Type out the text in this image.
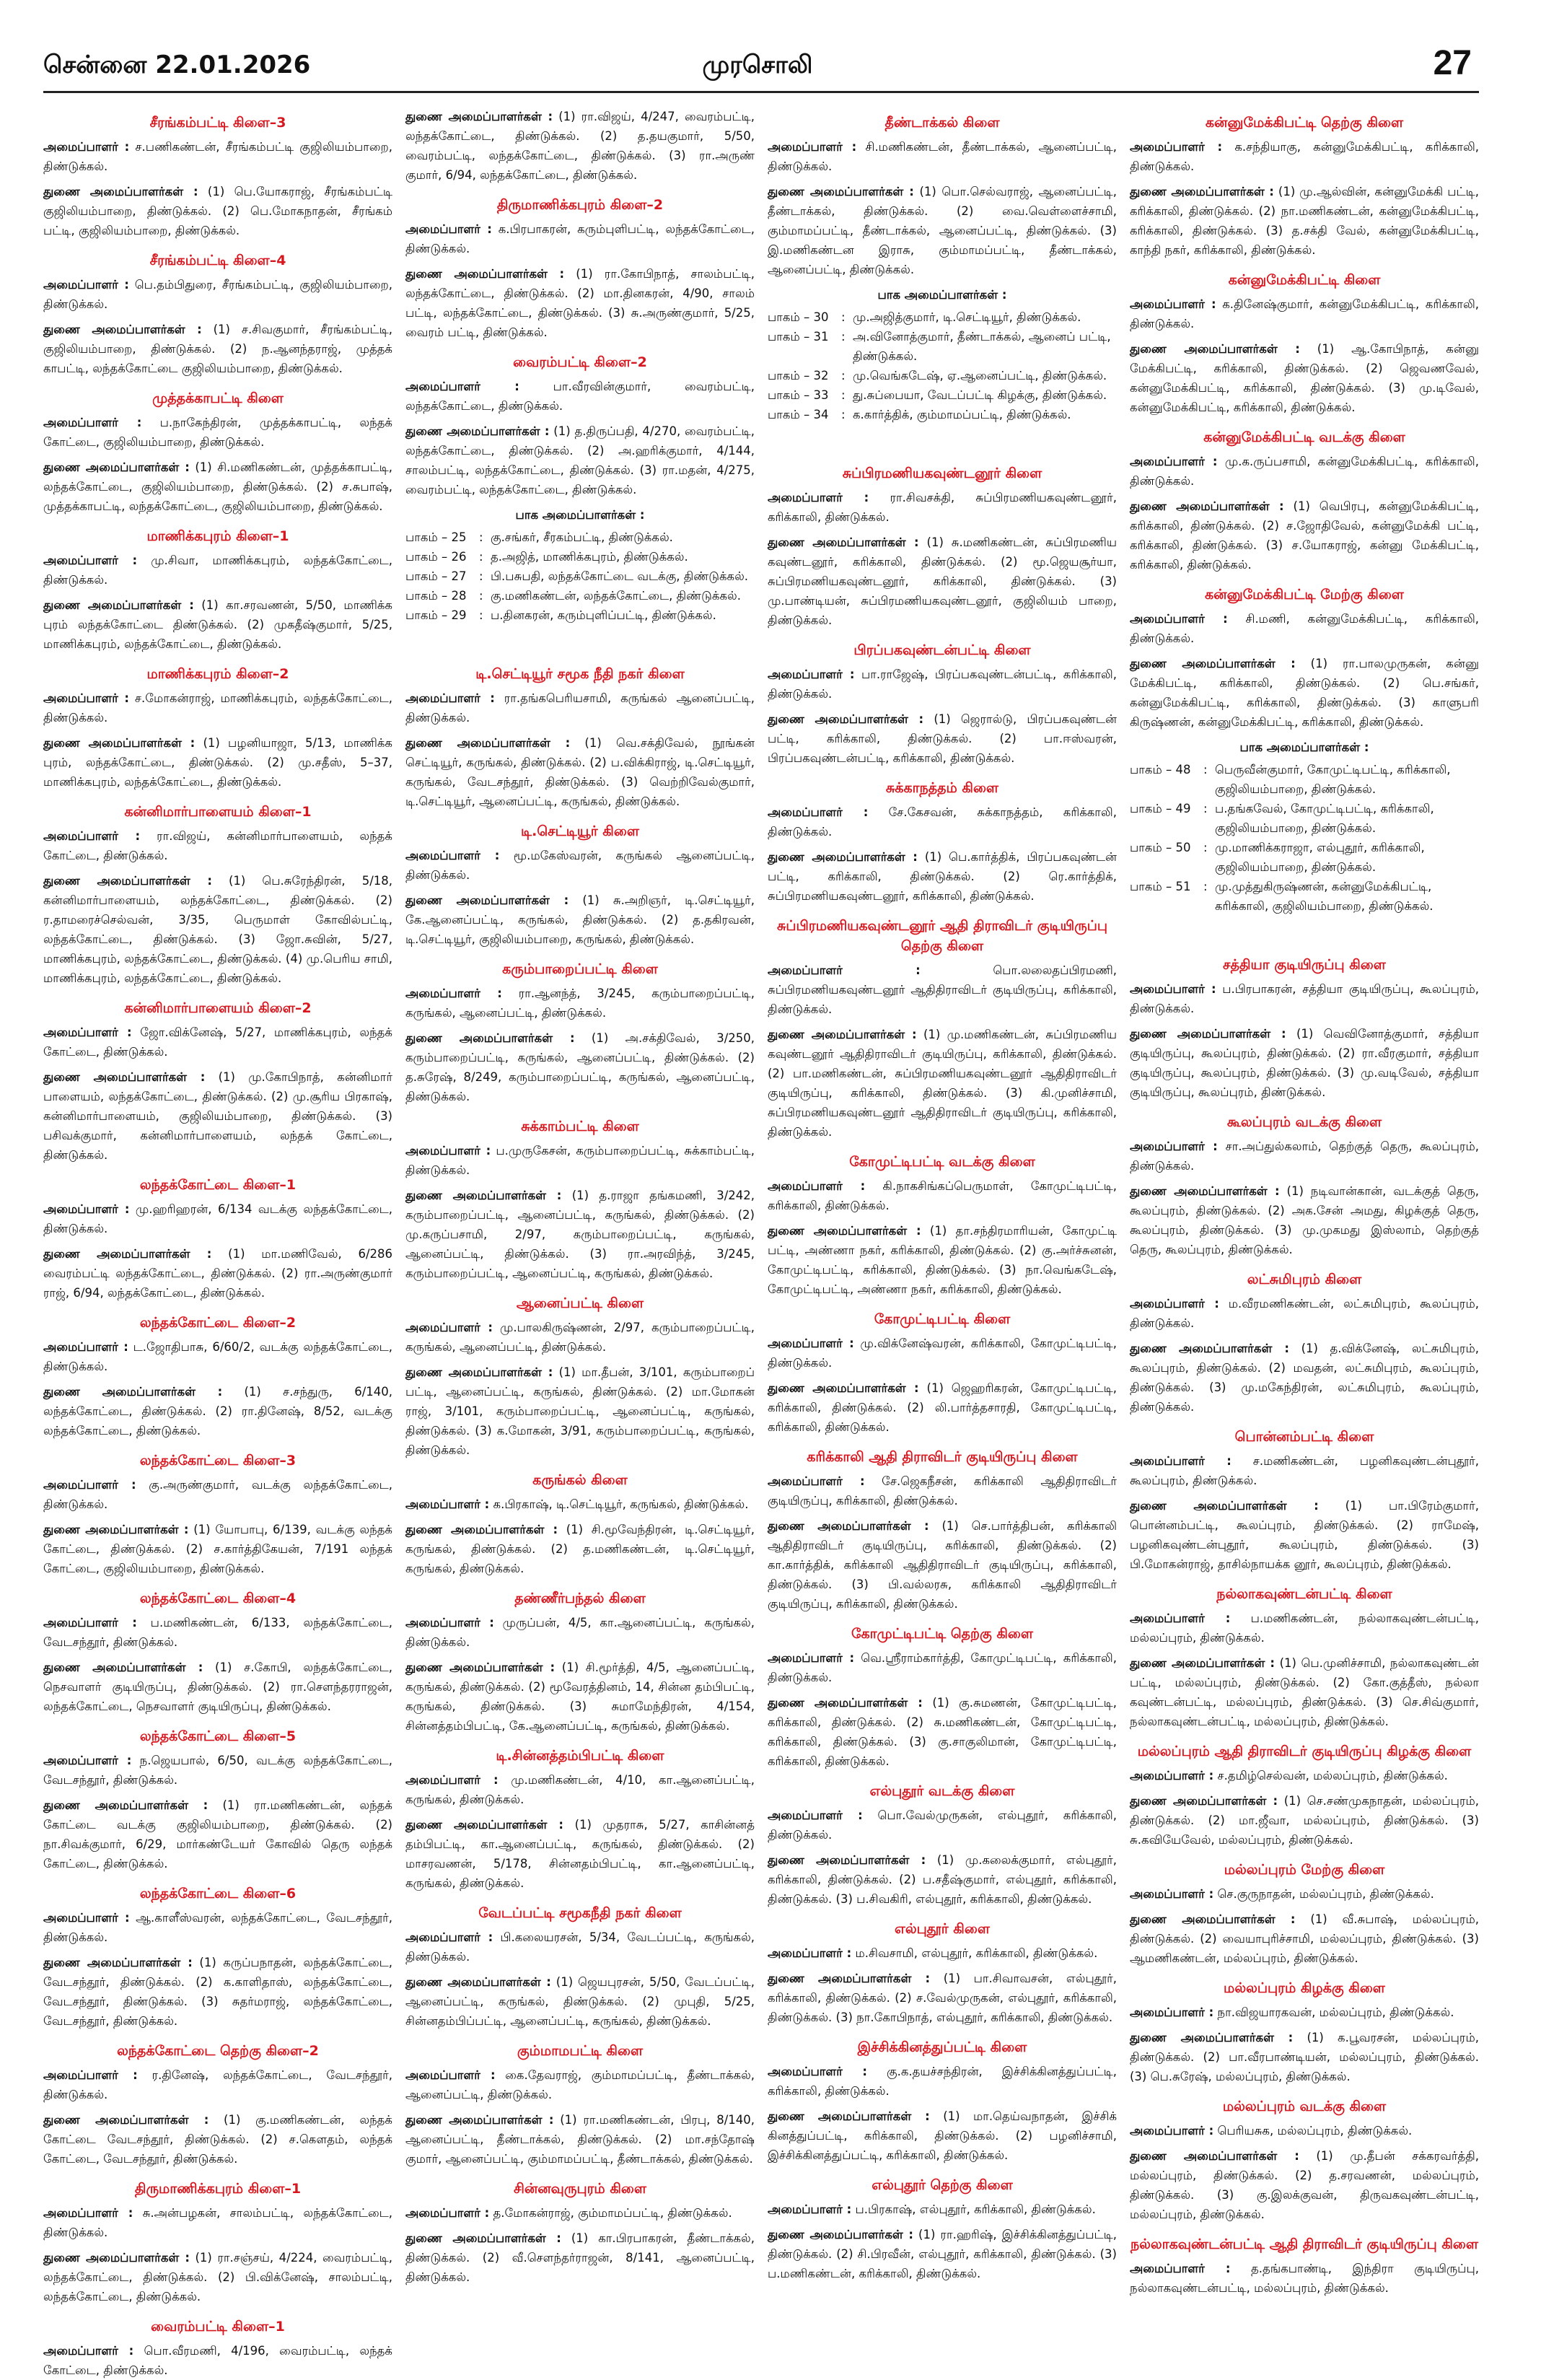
சென்னை 22.01.2026	முரசொலி	27
சீரங்கம்பட்டி கிளை–3
அமைப்பாளர் : ச.பணிகண்டன், சீரங்கம்பட்டி குஜிலியம்பாறை, திண்டுக்கல்.
துணை அமைப்பாளர்கள் : (1) பெ.யோகராஜ், சீரங்கம்பட்டி குஜிலியம்பாறை, திண்டுக்கல். (2) பெ.மோகநாதன், சீரங்கம் பட்டி, குஜிலியம்பாறை, திண்டுக்கல்.
சீரங்கம்பட்டி கிளை–4
அமைப்பாளர் : பெ.தம்பிதுரை, சீரங்கம்பட்டி, குஜிலியம்பாறை, திண்டுக்கல்.
துணை அமைப்பாளர்கள் : (1) ச.சிவகுமார், சீரங்கம்பட்டி, குஜிலியம்பாறை, திண்டுக்கல். (2) ந.ஆனந்தராஜ், முத்தக் காபட்டி, லந்தக்கோட்டை குஜிலியம்பாறை, திண்டுக்கல்.
முத்தக்காபட்டி கிளை
அமைப்பாளர் : ப.நாகேந்திரன், முத்தக்காபட்டி, லந்தக் கோட்டை, குஜிலியம்பாறை, திண்டுக்கல்.
துணை அமைப்பாளர்கள் : (1) சி.மணிகண்டன், முத்தக்காபட்டி, லந்தக்கோட்டை, குஜிலியம்பாறை, திண்டுக்கல். (2) ச.சுபாஷ், முத்தக்காபட்டி, லந்தக்கோட்டை, குஜிலியம்பாறை, திண்டுக்கல்.
மாணிக்கபுரம் கிளை–1
அமைப்பாளர் : மு.சிவா, மாணிக்கபுரம், லந்தக்கோட்டை, திண்டுக்கல்.
துணை அமைப்பாளர்கள் : (1) கா.சரவணன், 5/50, மாணிக்க புரம் லந்தக்கோட்டை திண்டுக்கல். (2) முகதீஷ்குமார், 5/25, மாணிக்கபுரம், லந்தக்கோட்டை, திண்டுக்கல்.
மாணிக்கபுரம் கிளை–2
அமைப்பாளர் : ச.மோகன்ராஜ், மாணிக்கபுரம், லந்தக்கோட்டை, திண்டுக்கல்.
துணை அமைப்பாளர்கள் : (1) பழனியாஜா, 5/13, மாணிக்க புரம், லந்தக்கோட்டை, திண்டுக்கல். (2) மு.சதீஸ், 5–37, மாணிக்கபுரம், லந்தக்கோட்டை, திண்டுக்கல்.
கன்னிமார்பாளையம் கிளை–1
அமைப்பாளர் : ரா.விஜய், கன்னிமார்பாளையம், லந்தக் கோட்டை, திண்டுக்கல்.
துணை அமைப்பாளர்கள் : (1) பெ.சுரேந்திரன், 5/18, கன்னிமார்பாளையம், லந்தக்கோட்டை, திண்டுக்கல். (2) ர.தாமரைச்செல்வன், 3/35, பெருமாள் கோவில்பட்டி, லந்தக்கோட்டை, திண்டுக்கல். (3) ஜோ.சுவின், 5/27, மாணிக்கபுரம், லந்தக்கோட்டை, திண்டுக்கல். (4) மு.பெரிய சாமி, மாணிக்கபுரம், லந்தக்கோட்டை, திண்டுக்கல்.
கன்னிமார்பாளையம் கிளை–2
அமைப்பாளர் : ஜோ.விக்னேஷ், 5/27, மாணிக்கபுரம், லந்தக் கோட்டை, திண்டுக்கல்.
துணை அமைப்பாளர்கள் : (1) மு.கோபிநாத், கன்னிமார் பாளையம், லந்தக்கோட்டை, திண்டுக்கல். (2) மு.சூரிய பிரகாஷ், கன்னிமார்பாளையம், குஜிலியம்பாறை, திண்டுக்கல். (3) பசிவக்குமார், கன்னிமார்பாளையம், லந்தக் கோட்டை, திண்டுக்கல்.
லந்தக்கோட்டை கிளை–1
அமைப்பாளர் : மு.ஹரிஹரன், 6/134 வடக்கு லந்தக்கோட்டை, திண்டுக்கல்.
துணை அமைப்பாளர்கள் : (1) மா.மணிவேல், 6/286 வைரம்பட்டி லந்தக்கோட்டை, திண்டுக்கல். (2) ரா.அருண்குமார் ராஜ், 6/94, லந்தக்கோட்டை, திண்டுக்கல்.
லந்தக்கோட்டை கிளை–2
அமைப்பாளர் : ட.ஜோதிபாசு, 6/60/2, வடக்கு லந்தக்கோட்டை, திண்டுக்கல்.
துணை அமைப்பாளர்கள் : (1) ச.சந்துரு, 6/140, லந்தக்கோட்டை, திண்டுக்கல். (2) ரா.தினேஷ், 8/52, வடக்கு லந்தக்கோட்டை, திண்டுக்கல்.
லந்தக்கோட்டை கிளை–3
அமைப்பாளர் : கு.அருண்குமார், வடக்கு லந்தக்கோட்டை, திண்டுக்கல்.
துணை அமைப்பாளர்கள் : (1) யோபாபு, 6/139, வடக்கு லந்தக் கோட்டை, திண்டுக்கல். (2) ச.கார்த்திகேயன், 7/191 லந்தக் கோட்டை, குஜிலியம்பாறை, திண்டுக்கல்.
லந்தக்கோட்டை கிளை–4
அமைப்பாளர் : ப.மணிகண்டன், 6/133, லந்தக்கோட்டை, வேடசந்தூர், திண்டுக்கல்.
துணை அமைப்பாளர்கள் : (1) ச.கோபி, லந்தக்கோட்டை, நெசவாளர் குடியிருப்பு, திண்டுக்கல். (2) ரா.செளந்தரராஜன், லந்தக்கோட்டை, நெசவாளர் குடியிருப்பு, திண்டுக்கல்.
லந்தக்கோட்டை கிளை–5
அமைப்பாளர் : ந.ஜெயபால், 6/50, வடக்கு லந்தக்கோட்டை, வேடசந்தூர், திண்டுக்கல்.
துணை அமைப்பாளர்கள் : (1) ரா.மணிகண்டன், லந்தக் கோட்டை வடக்கு குஜிலியம்பாறை, திண்டுக்கல். (2) நா.சிவக்குமார், 6/29, மார்கண்டேயர் கோவில் தெரு லந்தக் கோட்டை, திண்டுக்கல்.
லந்தக்கோட்டை கிளை–6
அமைப்பாளர் : ஆ.காளீஸ்வரன், லந்தக்கோட்டை, வேடசந்தூர், திண்டுக்கல்.
துணை அமைப்பாளர்கள் : (1) கருப்பநாதன், லந்தக்கோட்டை, வேடசந்தூர், திண்டுக்கல். (2) க.காளிதாஸ், லந்தக்கோட்டை, வேடசந்தூர், திண்டுக்கல். (3) சுதர்மராஜ், லந்தக்கோட்டை, வேடசந்தூர், திண்டுக்கல்.
லந்தக்கோட்டை தெற்கு கிளை–2
அமைப்பாளர் : ர.தினேஷ், லந்தக்கோட்டை, வேடசந்தூர், திண்டுக்கல்.
துணை அமைப்பாளர்கள் : (1) கு.மணிகண்டன், லந்தக் கோட்டை வேடசந்தூர், திண்டுக்கல். (2) ச.கௌதம், லந்தக் கோட்டை, வேடசந்தூர், திண்டுக்கல்.
திருமாணிக்கபுரம் கிளை–1
அமைப்பாளர் : சு.அன்பழகன், சாலம்பட்டி, லந்தக்கோட்டை, திண்டுக்கல்.
துணை அமைப்பாளர்கள் : (1) ரா.சஞ்சய், 4/224, வைரம்பட்டி, லந்தக்கோட்டை, திண்டுக்கல். (2) பி.விக்னேஷ், சாலம்பட்டி, லந்தக்கோட்டை, திண்டுக்கல்.
வைரம்பட்டி கிளை–1
அமைப்பாளர் : பொ.வீரமணி, 4/196, வைரம்பட்டி, லந்தக் கோட்டை, திண்டுக்கல்.
துணை அமைப்பாளர்கள் : (1) ரா.விஜய், 4/247, வைரம்பட்டி, லந்தக்கோட்டை, திண்டுக்கல். (2) த.தயகுமார், 5/50, வைரம்பட்டி, லந்தக்கோட்டை, திண்டுக்கல். (3) ரா.அருண் குமார், 6/94, லந்தக்கோட்டை, திண்டுக்கல்.
திருமாணிக்கபுரம் கிளை–2
அமைப்பாளர் : க.பிரபாகரன், கரும்புளிபட்டி, லந்தக்கோட்டை, திண்டுக்கல்.
துணை அமைப்பாளர்கள் : (1) ரா.கோபிநாத், சாலம்பட்டி, லந்தக்கோட்டை, திண்டுக்கல். (2) மா.தினகரன், 4/90, சாலம் பட்டி, லந்தக்கோட்டை, திண்டுக்கல். (3) சு.அருண்குமார், 5/25, வைரம் பட்டி, திண்டுக்கல்.
வைரம்பட்டி கிளை–2
அமைப்பாளர் :	பா.வீரவின்குமார், வைரம்பட்டி, லந்தக்கோட்டை, திண்டுக்கல்.
துணை அமைப்பாளர்கள் : (1) த.திருப்பதி, 4/270, வைரம்பட்டி, லந்தக்கோட்டை, திண்டுக்கல். (2) அ.ஹரிக்குமார், 4/144, சாலம்பட்டி, லந்தக்கோட்டை, திண்டுக்கல். (3) ரா.மதன், 4/275, வைரம்பட்டி, லந்தக்கோட்டை, திண்டுக்கல்.
பாக அமைப்பாளர்கள் :
பாகம் – 25	: கு.சங்கர், சீரகம்பட்டி, திண்டுக்கல்.
பாகம் – 26	: த.அஜித், மாணிக்கபுரம், திண்டுக்கல்.
பாகம் – 27	: பி.பசுபதி, லந்தக்கோட்டை வடக்கு, திண்டுக்கல்.
பாகம் – 28	: கு.மணிகண்டன், லந்தக்கோட்டை, திண்டுக்கல்.
பாகம் – 29	: ப.தினகரன், கரும்புளிப்பட்டி, திண்டுக்கல்.
டி.செட்டியூர் சமூக நீதி நகர் கிளை
அமைப்பாளர் : ரா.தங்கபெரியசாமி, கருங்கல் ஆனைப்பட்டி, திண்டுக்கல்.
துணை அமைப்பாளர்கள் : (1) வெ.சக்திவேல், நூங்கன் செட்டியூர், கருங்கல், திண்டுக்கல். (2) ப.விக்கிராஜ், டி.செட்டியூர், கருங்கல், வேடசந்தூர், திண்டுக்கல். (3) வெற்றிவேல்குமார், டி.செட்டியூர், ஆனைப்பட்டி, கருங்கல், திண்டுக்கல்.
டி.செட்டியூர் கிளை
அமைப்பாளர் : மூ.மகேஸ்வரன், கருங்கல் ஆனைப்பட்டி, திண்டுக்கல்.
துணை அமைப்பாளர்கள் : (1) சு.அறிஞர், டி.செட்டியூர், கே.ஆனைப்பட்டி, கருங்கல், திண்டுக்கல். (2) த.தகிரவன், டி.செட்டியூர், குஜிலியம்பாறை, கருங்கல், திண்டுக்கல்.
கரும்பாறைப்பட்டி கிளை
அமைப்பாளர் : ரா.ஆனந்த், 3/245, கரும்பாறைப்பட்டி, கருங்கல், ஆனைப்பட்டி, திண்டுக்கல்.
துணை அமைப்பாளர்கள் : (1) அ.சக்திவேல், 3/250, கரும்பாறைப்பட்டி, கருங்கல், ஆனைப்பட்டி, திண்டுக்கல். (2) த.சுரேஷ், 8/249, கரும்பாறைப்பட்டி, கருங்கல், ஆனைப்பட்டி, திண்டுக்கல்.
சுக்காம்பட்டி கிளை
அமைப்பாளர் : ப.முருகேசன், கரும்பாறைப்பட்டி, சுக்காம்பட்டி, திண்டுக்கல்.
துணை அமைப்பாளர்கள் : (1) த.ராஜா தங்கமணி, 3/242, கரும்பாறைப்பட்டி, ஆனைப்பட்டி, கருங்கல், திண்டுக்கல். (2) மு.கருப்பசாமி, 2/97, கரும்பாறைப்பட்டி, கருங்கல், ஆனைப்பட்டி, திண்டுக்கல். (3) ரா.அரவிந்த், 3/245, கரும்பாறைப்பட்டி, ஆனைப்பட்டி, கருங்கல், திண்டுக்கல்.
ஆனைப்பட்டி கிளை
அமைப்பாளர் : மு.பாலகிருஷ்ணன், 2/97, கரும்பாறைப்பட்டி, கருங்கல், ஆனைப்பட்டி, திண்டுக்கல்.
துணை அமைப்பாளர்கள் : (1) மா.தீபன், 3/101, கரும்பாறைப் பட்டி, ஆனைப்பட்டி, கருங்கல், திண்டுக்கல். (2) மா.மோகன் ராஜ், 3/101, கரும்பாறைப்பட்டி, ஆனைப்பட்டி, கருங்கல், திண்டுக்கல். (3) க.மோகன், 3/91, கரும்பாறைப்பட்டி, கருங்கல், திண்டுக்கல்.
கருங்கல் கிளை
அமைப்பாளர் : க.பிரகாஷ், டி.செட்டியூர், கருங்கல், திண்டுக்கல்.
துணை அமைப்பாளர்கள் : (1) சி.மூவேந்திரன், டி.செட்டியூர், கருங்கல், திண்டுக்கல். (2) த.மணிகண்டன், டி.செட்டியூர், கருங்கல், திண்டுக்கல்.
தண்ணீர்பந்தல் கிளை
அமைப்பாளர் : முருப்பன், 4/5, கா.ஆனைப்பட்டி, கருங்கல், திண்டுக்கல்.
துணை அமைப்பாளர்கள் : (1) சி.மூர்த்தி, 4/5, ஆனைப்பட்டி, கருங்கல், திண்டுக்கல். (2) மூவேரத்தினம், 14, சின்ன தம்பிபட்டி, கருங்கல், திண்டுக்கல். (3) சுமாமேந்திரன், 4/154, சின்னத்தம்பிபட்டி, கே.ஆனைப்பட்டி, கருங்கல், திண்டுக்கல்.
டி.சின்னத்தம்பிபட்டி கிளை
அமைப்பாளர் : மு.மணிகண்டன், 4/10, கா.ஆனைப்பட்டி, கருங்கல், திண்டுக்கல்.
துணை அமைப்பாளர்கள் : (1) முதராசு, 5/27, காசின்னத் தம்பிபட்டி, கா.ஆனைப்பட்டி, கருங்கல், திண்டுக்கல். (2) மாசரவணன், 5/178, சின்னதம்பிபட்டி, கா.ஆனைப்பட்டி, கருங்கல், திண்டுக்கல்.
வேடப்பட்டி சமூகநீதி நகர் கிளை
அமைப்பாளர் : பி.கலையரசன், 5/34, வேடப்பட்டி, கருங்கல், திண்டுக்கல்.
துணை அமைப்பாளர்கள் : (1) ஜெயபுரசன், 5/50, வேடப்பட்டி, ஆனைப்பட்டி, கருங்கல், திண்டுக்கல். (2) முபுதி, 5/25, சின்னதம்பிப்பட்டி, ஆனைப்பட்டி, கருங்கல், திண்டுக்கல்.
கும்மாமபட்டி கிளை
அமைப்பாளர் : கை.தேவராஜ், கும்மாமப்பட்டி, தீண்டாக்கல், ஆனைப்பட்டி, திண்டுக்கல்.
துணை அமைப்பாளர்கள் : (1) ரா.மணிகண்டன், பிரபு, 8/140, ஆனைப்பட்டி, தீண்டாக்கல், திண்டுக்கல். (2) மா.சந்தோஷ் குமார், ஆனைப்பட்டி, கும்மாமப்பட்டி, தீண்டாக்கல், திண்டுக்கல்.
சின்னவுருபுரம் கிளை
அமைப்பாளர் : த.மோகன்ராஜ், கும்மாமப்பட்டி, திண்டுக்கல்.
துணை அமைப்பாளர்கள் : (1) கா.பிரபாகரன், தீண்டாக்கல், திண்டுக்கல். (2) வீ.செளந்தர்ராஜன், 8/141, ஆனைப்பட்டி, திண்டுக்கல்.
தீண்டாக்கல் கிளை
அமைப்பாளர் : சி.மணிகண்டன், தீண்டாக்கல், ஆனைப்பட்டி, திண்டுக்கல்.
துணை அமைப்பாளர்கள் : (1) பொ.செல்வராஜ், ஆனைப்பட்டி, தீண்டாக்கல், திண்டுக்கல். (2) வை.வெள்ளைச்சாமி, கும்மாமப்பட்டி, தீண்டாக்கல், ஆனைப்பட்டி, திண்டுக்கல். (3) இ.மணிகண்டன இராசு, கும்மாமப்பட்டி, தீண்டாக்கல், ஆனைப்பட்டி, திண்டுக்கல்.
பாக அமைப்பாளர்கள் :
பாகம் – 30	: மு.அஜித்குமார், டி.செட்டியூர், திண்டுக்கல்.
பாகம் – 31	: அ.வினோத்குமார், தீண்டாக்கல், ஆனைப் பட்டி, திண்டுக்கல்.
பாகம் – 32	: மு.வெங்கடேஷ், ஏ.ஆனைப்பட்டி, திண்டுக்கல்.
பாகம் – 33	: து.சுப்பையா, வேடப்பட்டி கிழக்கு, திண்டுக்கல்.
பாகம் – 34	: க.கார்த்திக், கும்மாமப்பட்டி, திண்டுக்கல்.
சுப்பிரமணியகவுண்டனூர் கிளை
அமைப்பாளர் : ரா.சிவசக்தி, சுப்பிரமணியகவுண்டனூர், கரிக்காலி, திண்டுக்கல்.
துணை அமைப்பாளர்கள் : (1) சு.மணிகண்டன், சுப்பிரமணிய கவுண்டனூர், கரிக்காலி, திண்டுக்கல். (2) மூ.ஜெயசூர்யா, சுப்பிரமணியகவுண்டனூர், கரிக்காலி, திண்டுக்கல். (3) மு.பாண்டியன், சுப்பிரமணியகவுண்டனூர், குஜிலியம் பாறை, திண்டுக்கல்.
பிரப்பகவுண்டன்பட்டி கிளை
அமைப்பாளர் : பா.ராஜேஷ், பிரப்பகவுண்டன்பட்டி, கரிக்காலி, திண்டுக்கல்.
துணை அமைப்பாளர்கள் : (1) ஜெரால்டு, பிரப்பகவுண்டன் பட்டி, கரிக்காலி, திண்டுக்கல். (2) பா.ஈஸ்வரன், பிரப்பகவுண்டன்பட்டி, கரிக்காலி, திண்டுக்கல்.
சுக்காநத்தம் கிளை
அமைப்பாளர் : சே.கேசவன், சுக்காநத்தம், கரிக்காலி, திண்டுக்கல்.
துணை அமைப்பாளர்கள் : (1) பெ.கார்த்திக், பிரப்பகவுண்டன் பட்டி, கரிக்காலி, திண்டுக்கல். (2) ரெ.கார்த்திக், சுப்பிரமணியகவுண்டனூர், கரிக்காலி, திண்டுக்கல்.
சுப்பிரமணியகவுண்டனூர் ஆதி திராவிடர் குடியிருப்பு தெற்கு கிளை
அமைப்பாளர் :	பொ.லலைதப்பிரமணி, சுப்பிரமணியகவுண்டனூர் ஆதிதிராவிடர் குடியிருப்பு, கரிக்காலி, திண்டுக்கல்.
துணை அமைப்பாளர்கள் : (1) மு.மணிகண்டன், சுப்பிரமணிய கவுண்டனூர் ஆதிதிராவிடர் குடியிருப்பு, கரிக்காலி, திண்டுக்கல். (2) பா.மணிகண்டன், சுப்பிரமணியகவுண்டனூர் ஆதிதிராவிடர் குடியிருப்பு, கரிக்காலி, திண்டுக்கல். (3) கி.முனிச்சாமி, சுப்பிரமணியகவுண்டனூர் ஆதிதிராவிடர் குடியிருப்பு, கரிக்காலி, திண்டுக்கல்.
கோமுட்டிபட்டி வடக்கு கிளை
அமைப்பாளர் : கி.நாகசிங்கப்பெருமாள், கோமுட்டிபட்டி, கரிக்காலி, திண்டுக்கல்.
துணை அமைப்பாளர்கள் : (1) தா.சந்திரமாரியன், கோமுட்டி பட்டி, அண்ணா நகர், கரிக்காலி, திண்டுக்கல். (2) கு.அர்ச்சுனன், கோமுட்டிபட்டி, கரிக்காலி, திண்டுக்கல். (3) நா.வெங்கடேஷ், கோமுட்டிபட்டி, அண்ணா நகர், கரிக்காலி, திண்டுக்கல்.
கோமுட்டிபட்டி கிளை
அமைப்பாளர் : மு.விக்னேஷ்வரன், கரிக்காலி, கோமுட்டிபட்டி, திண்டுக்கல்.
துணை அமைப்பாளர்கள் : (1) ஜெஹரிகரன், கோமுட்டிபட்டி, கரிக்காலி, திண்டுக்கல். (2) லி.பார்த்தசாரதி, கோமுட்டிபட்டி, கரிக்காலி, திண்டுக்கல்.
கரிக்காலி ஆதி திராவிடர் குடியிருப்பு கிளை
அமைப்பாளர் : சே.ஜெகநீசன், கரிக்காலி ஆதிதிராவிடர் குடியிருப்பு, கரிக்காலி, திண்டுக்கல்.
துணை அமைப்பாளர்கள் : (1) செ.பார்த்திபன், கரிக்காலி ஆதிதிராவிடர் குடியிருப்பு, கரிக்காலி, திண்டுக்கல். (2) கா.கார்த்திக், கரிக்காலி ஆதிதிராவிடர் குடியிருப்பு, கரிக்காலி, திண்டுக்கல். (3) பி.வல்லரசு, கரிக்காலி ஆதிதிராவிடர் குடியிருப்பு, கரிக்காலி, திண்டுக்கல்.
கோமுட்டிபட்டி தெற்கு கிளை
அமைப்பாளர் : வெ.ஸ்ரீராம்கார்த்தி, கோமுட்டிபட்டி, கரிக்காலி, திண்டுக்கல்.
துணை அமைப்பாளர்கள் : (1) கு.சுமணன், கோமுட்டிபட்டி, கரிக்காலி, திண்டுக்கல். (2) சு.மணிகண்டன், கோமுட்டிபட்டி, கரிக்காலி, திண்டுக்கல். (3) கு.சாகுலிமான், கோமுட்டிபட்டி, கரிக்காலி, திண்டுக்கல்.
எல்புதூர் வடக்கு கிளை
அமைப்பாளர் : பொ.வேல்முருகன், எல்புதூர், கரிக்காலி, திண்டுக்கல்.
துணை அமைப்பாளர்கள் : (1) மு.கலைக்குமார், எல்புதூர், கரிக்காலி, திண்டுக்கல். (2) ப.சதீஷ்குமார், எல்புதூர், கரிக்காலி, திண்டுக்கல். (3) ப.சிவகிரி, எல்புதூர், கரிக்காலி, திண்டுக்கல்.
எல்புதூர் கிளை
அமைப்பாளர் : ம.சிவசாமி, எல்புதூர், கரிக்காலி, திண்டுக்கல்.
துணை அமைப்பாளர்கள் : (1) பா.சிவாவசன், எல்புதூர், கரிக்காலி, திண்டுக்கல். (2) ச.வேல்முருகன், எல்புதூர், கரிக்காலி, திண்டுக்கல். (3) நா.கோபிநாத், எல்புதூர், கரிக்காலி, திண்டுக்கல்.
இச்சிக்கினத்துப்பட்டி கிளை
அமைப்பாளர் : கு.க.தயச்சந்திரன், இச்சிக்கினத்துப்பட்டி, கரிக்காலி, திண்டுக்கல்.
துணை அமைப்பாளர்கள் : (1) மா.தெய்வநாதன், இச்சிக் கினத்துப்பட்டி, கரிக்காலி, திண்டுக்கல். (2) பழனிச்சாமி, இச்சிக்கினத்துப்பட்டி, கரிக்காலி, திண்டுக்கல்.
எல்புதூர் தெற்கு கிளை
அமைப்பாளர் : ப.பிரகாஷ், எல்புதூர், கரிக்காலி, திண்டுக்கல்.
துணை அமைப்பாளர்கள் : (1) ரா.ஹரிஷ், இச்சிக்கினத்துப்பட்டி, திண்டுக்கல். (2) சி.பிரவீன், எல்புதூர், கரிக்காலி, திண்டுக்கல். (3) ப.மணிகண்டன், கரிக்காலி, திண்டுக்கல்.
கன்னுமேக்கிபட்டி தெற்கு கிளை
அமைப்பாளர் : க.சந்தியாகு, கன்னுமேக்கிபட்டி, கரிக்காலி, திண்டுக்கல்.
துணை அமைப்பாளர்கள் : (1) மு.ஆல்வின், கன்னுமேக்கி பட்டி, கரிக்காலி, திண்டுக்கல். (2) நா.மணிகண்டன், கன்னுமேக்கிபட்டி, கரிக்காலி, திண்டுக்கல். (3) த.சக்தி வேல், கன்னுமேக்கிபட்டி, காந்தி நகர், கரிக்காலி, திண்டுக்கல்.
கன்னுமேக்கிபட்டி கிளை
அமைப்பாளர் : க.தினேஷ்குமார், கன்னுமேக்கிபட்டி, கரிக்காலி, திண்டுக்கல்.
துணை அமைப்பாளர்கள் : (1) ஆ.கோபிநாத், கன்னு மேக்கிபட்டி, கரிக்காலி, திண்டுக்கல். (2) ஜெவணவேல், கன்னுமேக்கிபட்டி, கரிக்காலி, திண்டுக்கல். (3) மு.டிவேல், கன்னுமேக்கிபட்டி, கரிக்காலி, திண்டுக்கல்.
கன்னுமேக்கிபட்டி வடக்கு கிளை
அமைப்பாளர் : மு.க.ருப்பசாமி, கன்னுமேக்கிபட்டி, கரிக்காலி, திண்டுக்கல்.
துணை அமைப்பாளர்கள் : (1) வெபிரபு, கன்னுமேக்கிபட்டி, கரிக்காலி, திண்டுக்கல். (2) ச.ஜோதிவேல், கன்னுமேக்கி பட்டி, கரிக்காலி, திண்டுக்கல். (3) ச.யோகராஜ், கன்னு மேக்கிபட்டி, கரிக்காலி, திண்டுக்கல்.
கன்னுமேக்கிபட்டி மேற்கு கிளை
அமைப்பாளர் : சி.மணி, கன்னுமேக்கிபட்டி, கரிக்காலி, திண்டுக்கல்.
துணை அமைப்பாளர்கள் : (1) ரா.பாலமுருகன், கன்னு மேக்கிபட்டி, கரிக்காலி, திண்டுக்கல். (2) பெ.சங்கர், கன்னுமேக்கிபட்டி, கரிக்காலி, திண்டுக்கல். (3) காளுபரி கிருஷ்ணன், கன்னுமேக்கிபட்டி, கரிக்காலி, திண்டுக்கல்.
பாக அமைப்பாளர்கள் :
பாகம் – 48	: பெருவீன்குமார், கோமுட்டிபட்டி, கரிக்காலி, குஜிலியம்பாறை, திண்டுக்கல்.
பாகம் – 49	: ப.தங்கவேல், கோமுட்டிபட்டி, கரிக்காலி, குஜிலியம்பாறை, திண்டுக்கல்.
பாகம் – 50	: மு.மாணிக்கராஜா, எல்புதூர், கரிக்காலி, குஜிலியம்பாறை, திண்டுக்கல்.
பாகம் – 51	: மு.முத்துகிருஷ்ணன், கன்னுமேக்கிபட்டி, கரிக்காலி, குஜிலியம்பாறை, திண்டுக்கல்.
சத்தியா குடியிருப்பு கிளை
அமைப்பாளர் : ப.பிரபாகரன், சத்தியா குடியிருப்பு, கூலப்புரம், திண்டுக்கல்.
துணை அமைப்பாளர்கள் : (1) வெவினோத்குமார், சத்தியா குடியிருப்பு, கூலப்புரம், திண்டுக்கல். (2) ரா.வீரகுமார், சத்தியா குடியிருப்பு, கூலப்புரம், திண்டுக்கல். (3) மு.வடிவேல், சத்தியா குடியிருப்பு, கூலப்புரம், திண்டுக்கல்.
கூலப்புரம் வடக்கு கிளை
அமைப்பாளர் : சா.அப்துல்கலாம், தெற்குத் தெரு, கூலப்புரம், திண்டுக்கல்.
துணை அமைப்பாளர்கள் : (1) நடிவான்கான், வடக்குத் தெரு, கூலப்புரம், திண்டுக்கல். (2) அக.சேன் அமது, கிழக்குத் தெரு, கூலப்புரம், திண்டுக்கல். (3) மு.முகமது இஸ்லாம், தெற்குத் தெரு, கூலப்புரம், திண்டுக்கல்.
லட்சுமிபுரம் கிளை
அமைப்பாளர் : ம.வீரமணிகண்டன், லட்சுமிபுரம், கூலப்புரம், திண்டுக்கல்.
துணை அமைப்பாளர்கள் : (1) த.விக்னேஷ், லட்சுமிபுரம், கூலப்புரம், திண்டுக்கல். (2) மவதன், லட்சுமிபுரம், கூலப்புரம், திண்டுக்கல். (3) மு.மகேந்திரன், லட்சுமிபுரம், கூலப்புரம், திண்டுக்கல்.
பொன்னம்பட்டி கிளை
அமைப்பாளர் : ச.மணிகண்டன், பழனிகவுண்டன்புதூர், கூலப்புரம், திண்டுக்கல்.
துணை அமைப்பாளர்கள் : (1) பா.பிரேம்குமார், பொன்னம்பட்டி, கூலப்புரம், திண்டுக்கல். (2) ராமேஷ், பழனிகவுண்டன்புதூர், கூலப்புரம், திண்டுக்கல். (3) பி.மோகன்ராஜ், தாசில்நாயக்க னூர், கூலப்புரம், திண்டுக்கல்.
நல்லாகவுண்டன்பட்டி கிளை
அமைப்பாளர் : ப.மணிகண்டன், நல்லாகவுண்டன்பட்டி, மல்லப்புரம், திண்டுக்கல்.
துணை அமைப்பாளர்கள் : (1) பெ.முனிச்சாமி, நல்லாகவுண்டன் பட்டி, மல்லப்புரம், திண்டுக்கல். (2) கோ.குத்தீஸ், நல்லா கவுண்டன்பட்டி, மல்லப்புரம், திண்டுக்கல். (3) செ.சிவ்குமார், நல்லாகவுண்டன்பட்டி, மல்லப்புரம், திண்டுக்கல்.
மல்லப்புரம் ஆதி திராவிடர் குடியிருப்பு கிழக்கு கிளை
அமைப்பாளர் : ச.தமிழ்செல்வன், மல்லப்புரம், திண்டுக்கல்.
துணை அமைப்பாளர்கள் : (1) செ.சண்முகநாதன், மல்லப்புரம், திண்டுக்கல். (2) மா.ஜீவா, மல்லப்புரம், திண்டுக்கல். (3) சு.கவியேவேல், மல்லப்புரம், திண்டுக்கல்.
மல்லப்புரம் மேற்கு கிளை
அமைப்பாளர் : செ.குருநாதன், மல்லப்புரம், திண்டுக்கல்.
துணை அமைப்பாளர்கள் : (1) வீ.சுபாஷ், மல்லப்புரம், திண்டுக்கல். (2) வையாபுரிச்சாமி, மல்லப்புரம், திண்டுக்கல். (3) ஆமணிகண்டன், மல்லப்புரம், திண்டுக்கல்.
மல்லப்புரம் கிழக்கு கிளை
அமைப்பாளர் : நா.விஜயாரகவன், மல்லப்புரம், திண்டுக்கல்.
துணை அமைப்பாளர்கள் : (1) க.பூவரசன், மல்லப்புரம், திண்டுக்கல். (2) பா.வீரபாண்டியன், மல்லப்புரம், திண்டுக்கல். (3) பெ.சுரேஷ், மல்லப்புரம், திண்டுக்கல்.
மல்லப்புரம் வடக்கு கிளை
அமைப்பாளர் : பெரியசுக, மல்லப்புரம், திண்டுக்கல்.
துணை அமைப்பாளர்கள் : (1) மு.தீபன் சக்கரவர்த்தி, மல்லப்புரம், திண்டுக்கல். (2) த.சரவணன், மல்லப்புரம், திண்டுக்கல். (3) கு.இலக்குவன், திருவகவுண்டன்பட்டி, மல்லப்புரம், திண்டுக்கல்.
நல்லாகவுண்டன்பட்டி ஆதி திராவிடர் குடியிருப்பு கிளை
அமைப்பாளர் : த.தங்கபாண்டி, இந்திரா குடியிருப்பு, நல்லாகவுண்டன்பட்டி, மல்லப்புரம், திண்டுக்கல்.
